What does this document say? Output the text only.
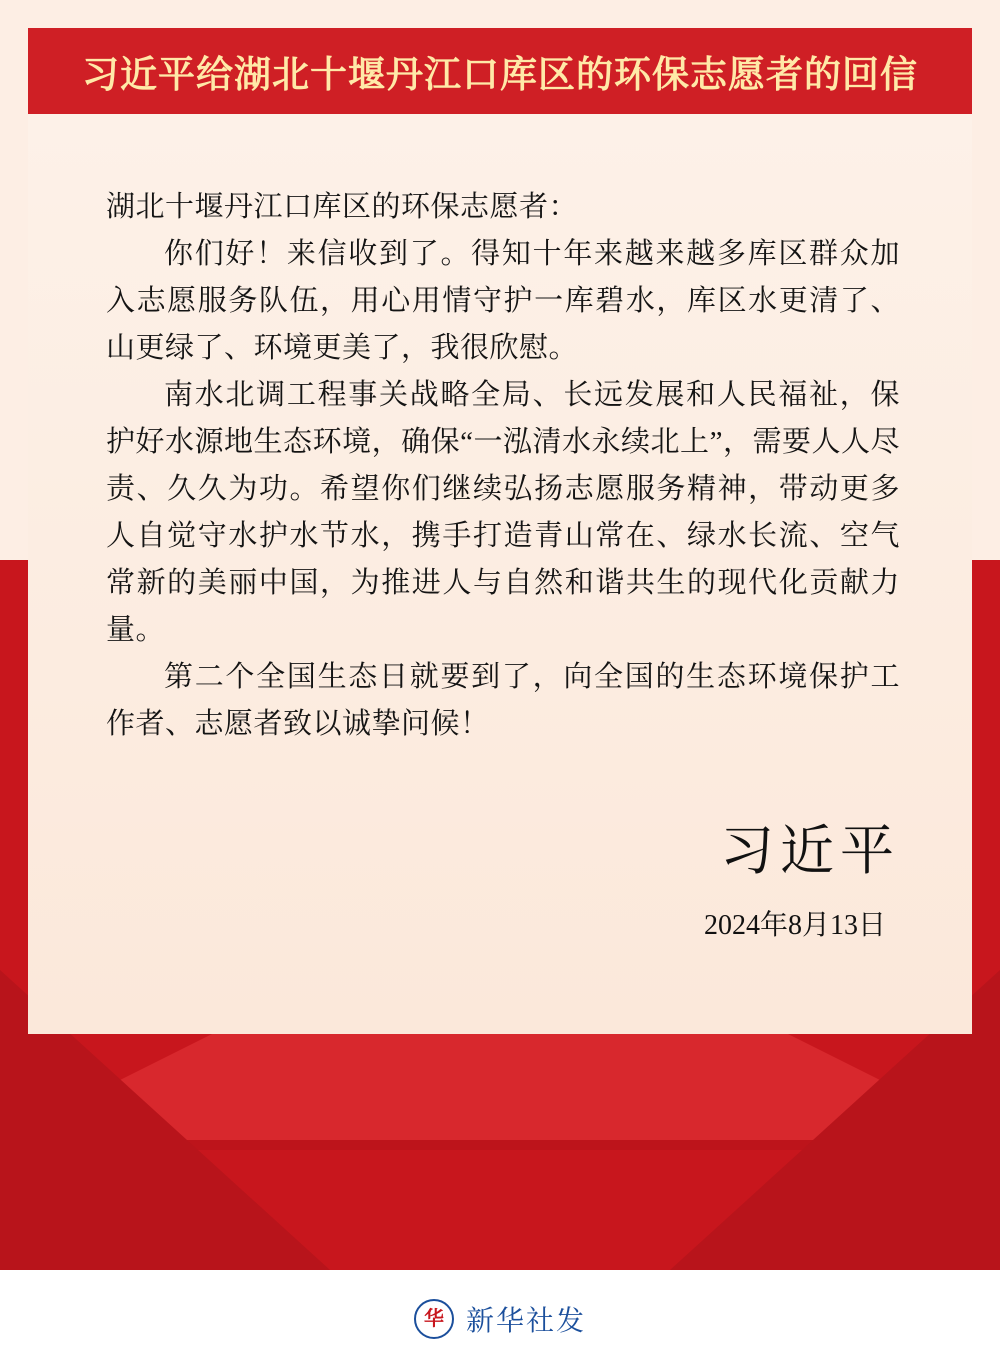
习近平给湖北十堰丹江口库区的环保志愿者的回信
湖北十堰丹江口库区的环保志愿者：
你们好！来信收到了。得知十年来越来越多库区群众加入志愿服务队伍，用心用情守护一库碧水，库区水更清了、山更绿了、环境更美了，我很欣慰。
南水北调工程事关战略全局、长远发展和人民福祉，保护好水源地生态环境，确保“一泓清水永续北上”，需要人人尽责、久久为功。希望你们继续弘扬志愿服务精神，带动更多人自觉守水护水节水，携手打造青山常在、绿水长流、空气常新的美丽中国，为推进人与自然和谐共生的现代化贡献力量。
第二个全国生态日就要到了，向全国的生态环境保护工作者、志愿者致以诚挚问候！
习近平
2024年8月13日
华 新华社发
